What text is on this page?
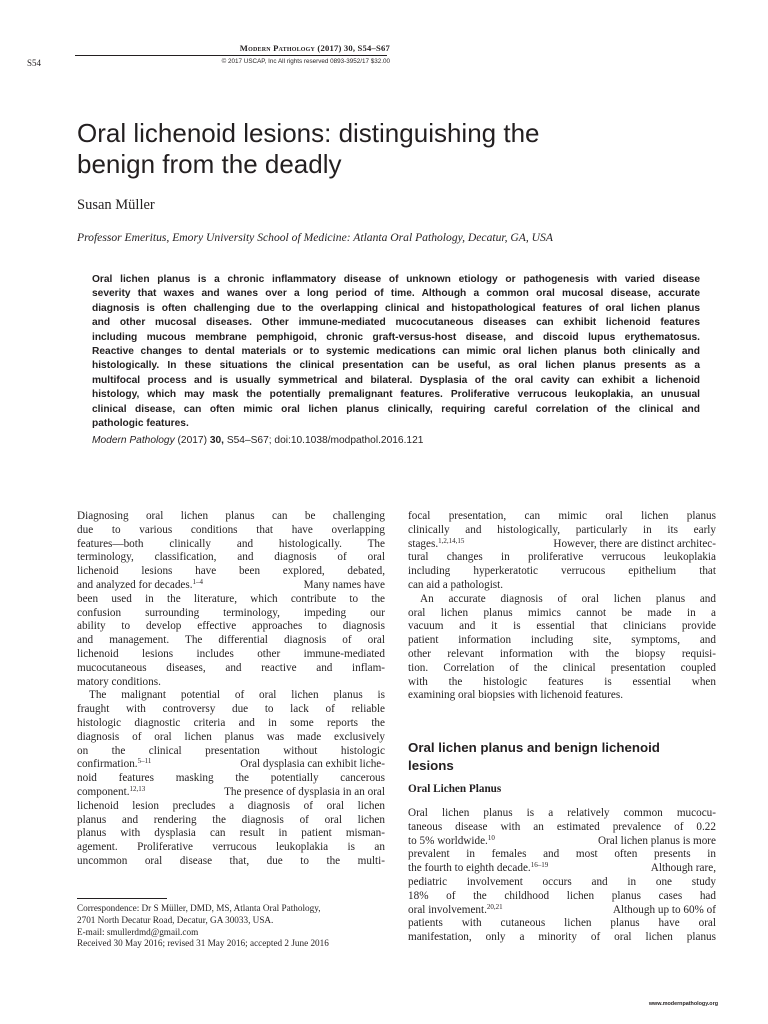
Modern Pathology (2017) 30, S54–S67
S54	© 2017 USCAP, Inc All rights reserved 0893-3952/17 $32.00
Oral lichenoid lesions: distinguishing the
benign from the deadly
Susan Müller
Professor Emeritus, Emory University School of Medicine: Atlanta Oral Pathology, Decatur, GA, USA
Oral lichen planus is a chronic inflammatory disease of unknown etiology or pathogenesis with varied disease
severity that waxes and wanes over a long period of time. Although a common oral mucosal disease, accurate
diagnosis is often challenging due to the overlapping clinical and histopathological features of oral lichen planus
and other mucosal diseases. Other immune-mediated mucocutaneous diseases can exhibit lichenoid features
including mucous membrane pemphigoid, chronic graft-versus-host disease, and discoid lupus erythematosus.
Reactive changes to dental materials or to systemic medications can mimic oral lichen planus both clinically and
histologically. In these situations the clinical presentation can be useful, as oral lichen planus presents as a
multifocal process and is usually symmetrical and bilateral. Dysplasia of the oral cavity can exhibit a lichenoid
histology, which may mask the potentially premalignant features. Proliferative verrucous leukoplakia, an unusual
clinical disease, can often mimic oral lichen planus clinically, requiring careful correlation of the clinical and
pathologic features.
Modern Pathology (2017) 30, S54–S67; doi:10.1038/modpathol.2016.121
Diagnosing oral lichen planus can be challenging
due to various conditions that have overlapping
features—both clinically and histologically. The
terminology, classification, and diagnosis of oral
lichenoid lesions have been explored, debated,
and analyzed for decades.$^{1-4}$	Many names have
been used in the literature, which contribute to the
confusion surrounding terminology, impeding our
ability to develop effective approaches to diagnosis
and management. The differential diagnosis of oral
lichenoid lesions includes other immune-mediated
mucocutaneous diseases, and reactive and inflam-
matory conditions.
The malignant potential of oral lichen planus is
fraught with controversy due to lack of reliable
histologic diagnostic criteria and in some reports the
diagnosis of oral lichen planus was made exclusively
on the clinical presentation without histologic
confirmation.$^{5-11}$	Oral dysplasia can exhibit liche-
noid features masking the potentially cancerous
component.$^{12,13}$	The presence of dysplasia in an oral
lichenoid lesion precludes a diagnosis of oral lichen
planus and rendering the diagnosis of oral lichen
planus with dysplasia can result in patient misman-
agement. Proliferative verrucous leukoplakia is an
uncommon oral disease that, due to the multi-
focal presentation, can mimic oral lichen planus
clinically and histologically, particularly in its early
stages.$^{1,2,14,15}$	However, there are distinct architec-
tural changes in proliferative verrucous leukoplakia
including hyperkeratotic verrucous epithelium that
can aid a pathologist.
An accurate diagnosis of oral lichen planus and
oral lichen planus mimics cannot be made in a
vacuum and it is essential that clinicians provide
patient information including site, symptoms, and
other relevant information with the biopsy requisi-
tion. Correlation of the clinical presentation coupled
with the histologic features is essential when
examining oral biopsies with lichenoid features.
Oral lichen planus and benign lichenoid
lesions
Oral Lichen Planus
Oral lichen planus is a relatively common mucocu-
taneous disease with an estimated prevalence of 0.22
to 5% worldwide.$^{10}$	Oral lichen planus is more
prevalent in females and most often presents in
the fourth to eighth decade.$^{16-19}$	Although rare,
pediatric involvement occurs and in one study
18% of the childhood lichen planus cases had
oral involvement.$^{20,21}$	Although up to 60% of
patients with cutaneous lichen planus have oral
manifestation, only a minority of oral lichen planus
Correspondence: Dr S Müller, DMD, MS, Atlanta Oral Pathology,
2701 North Decatur Road, Decatur, GA 30033, USA.
E-mail: smullerdmd@gmail.com
Received 30 May 2016; revised 31 May 2016; accepted 2 June 2016
www.modernpathology.org
